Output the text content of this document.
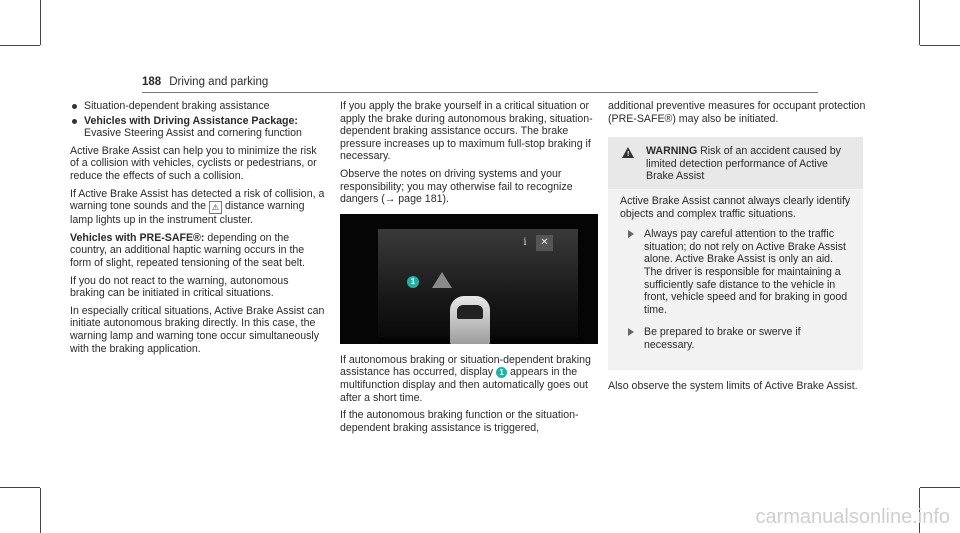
188 Driving and parking
Situation-dependent braking assistance
Vehicles with Driving Assistance Package: Evasive Steering Assist and cornering function

Active Brake Assist can help you to minimize the risk of a collision with vehicles, cyclists or pedestrians, or reduce the effects of such a collision.

If Active Brake Assist has detected a risk of collision, a warning tone sounds and the ⚠ distance warning lamp lights up in the instrument cluster.

Vehicles with PRE-SAFE®: depending on the country, an additional haptic warning occurs in the form of slight, repeated tensioning of the seat belt.

If you do not react to the warning, autonomous braking can be initiated in critical situations.

In especially critical situations, Active Brake Assist can initiate autonomous braking directly. In this case, the warning lamp and warning tone occur simultaneously with the braking application.

If you apply the brake yourself in a critical situation or apply the brake during autonomous braking, situation-dependent braking assistance occurs. The brake pressure increases up to maximum full-stop braking if necessary.

Observe the notes on driving systems and your responsibility; you may otherwise fail to recognize dangers (→ page 181).

i	✕
1

If autonomous braking or situation-dependent braking assistance has occurred, display 1 appears in the multifunction display and then automatically goes out after a short time.

If the autonomous braking function or the situation-dependent braking assistance is triggered,

additional preventive measures for occupant protection (PRE-SAFE®) may also be initiated.

! WARNING Risk of an accident caused by limited detection performance of Active Brake Assist

Active Brake Assist cannot always clearly identify objects and complex traffic situations.

Always pay careful attention to the traffic situation; do not rely on Active Brake Assist alone. Active Brake Assist is only an aid. The driver is responsible for maintaining a sufficiently safe distance to the vehicle in front, vehicle speed and for braking in good time.
Be prepared to brake or swerve if necessary.

Also observe the system limits of Active Brake Assist.

carmanualsonline.info
